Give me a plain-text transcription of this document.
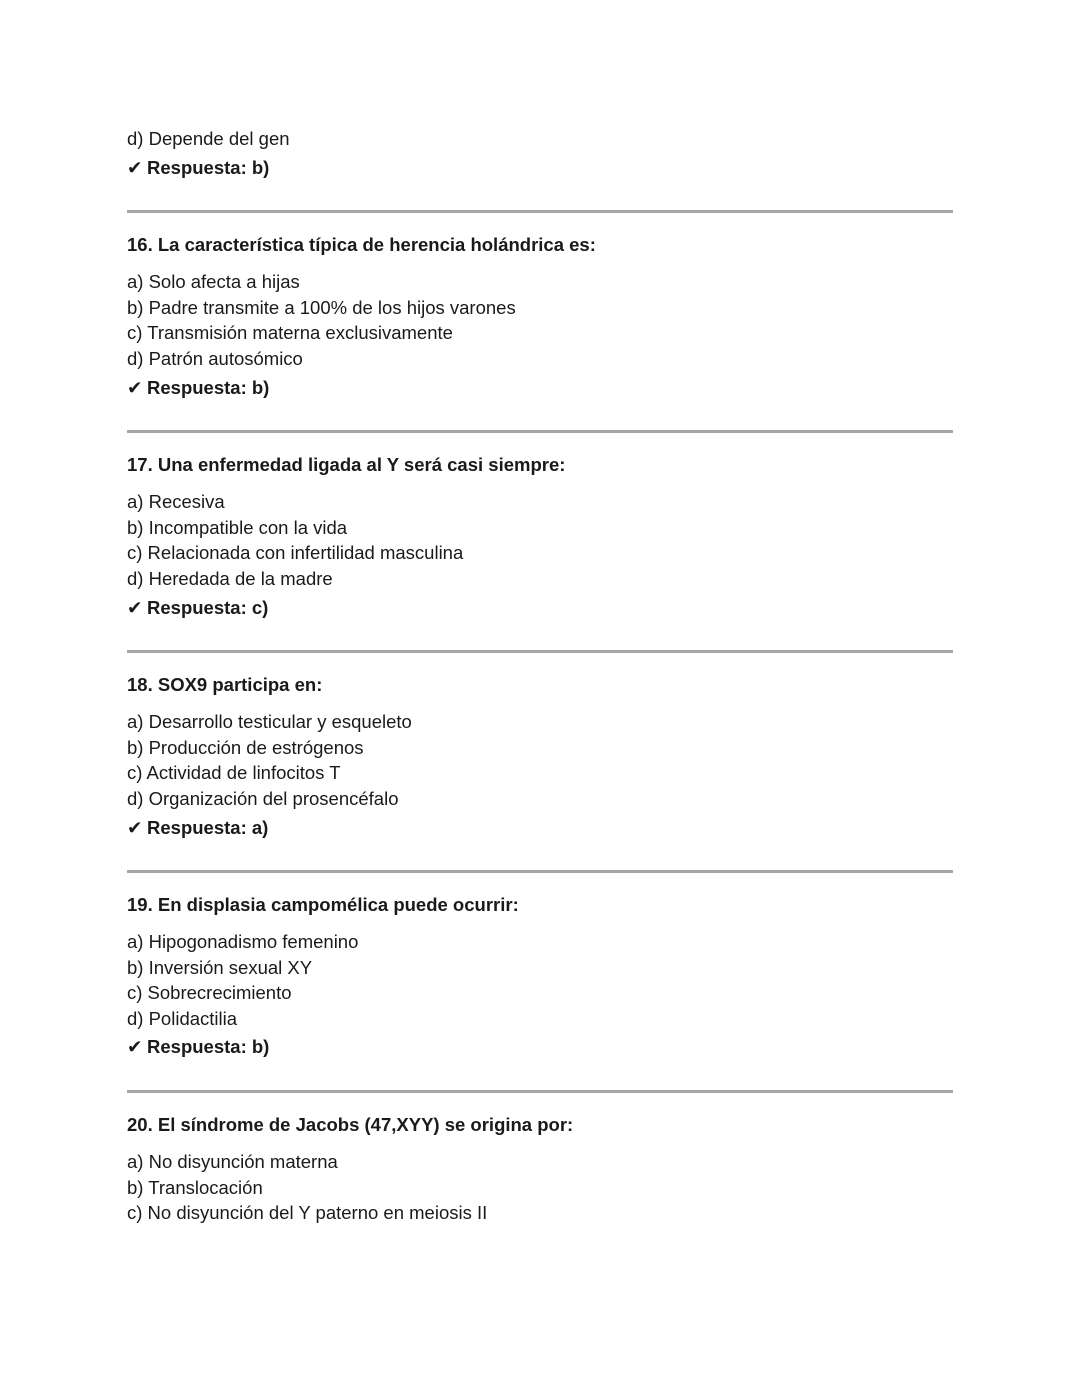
d) Depende del gen
✔ Respuesta: b)
16. La característica típica de herencia holándrica es:
a) Solo afecta a hijas
b) Padre transmite a 100% de los hijos varones
c) Transmisión materna exclusivamente
d) Patrón autosómico
✔ Respuesta: b)
17. Una enfermedad ligada al Y será casi siempre:
a) Recesiva
b) Incompatible con la vida
c) Relacionada con infertilidad masculina
d) Heredada de la madre
✔ Respuesta: c)
18. SOX9 participa en:
a) Desarrollo testicular y esqueleto
b) Producción de estrógenos
c) Actividad de linfocitos T
d) Organización del prosencéfalo
✔ Respuesta: a)
19. En displasia campomélica puede ocurrir:
a) Hipogonadismo femenino
b) Inversión sexual XY
c) Sobrecrecimiento
d) Polidactilia
✔ Respuesta: b)
20. El síndrome de Jacobs (47,XYY) se origina por:
a) No disyunción materna
b) Translocación
c) No disyunción del Y paterno en meiosis II
